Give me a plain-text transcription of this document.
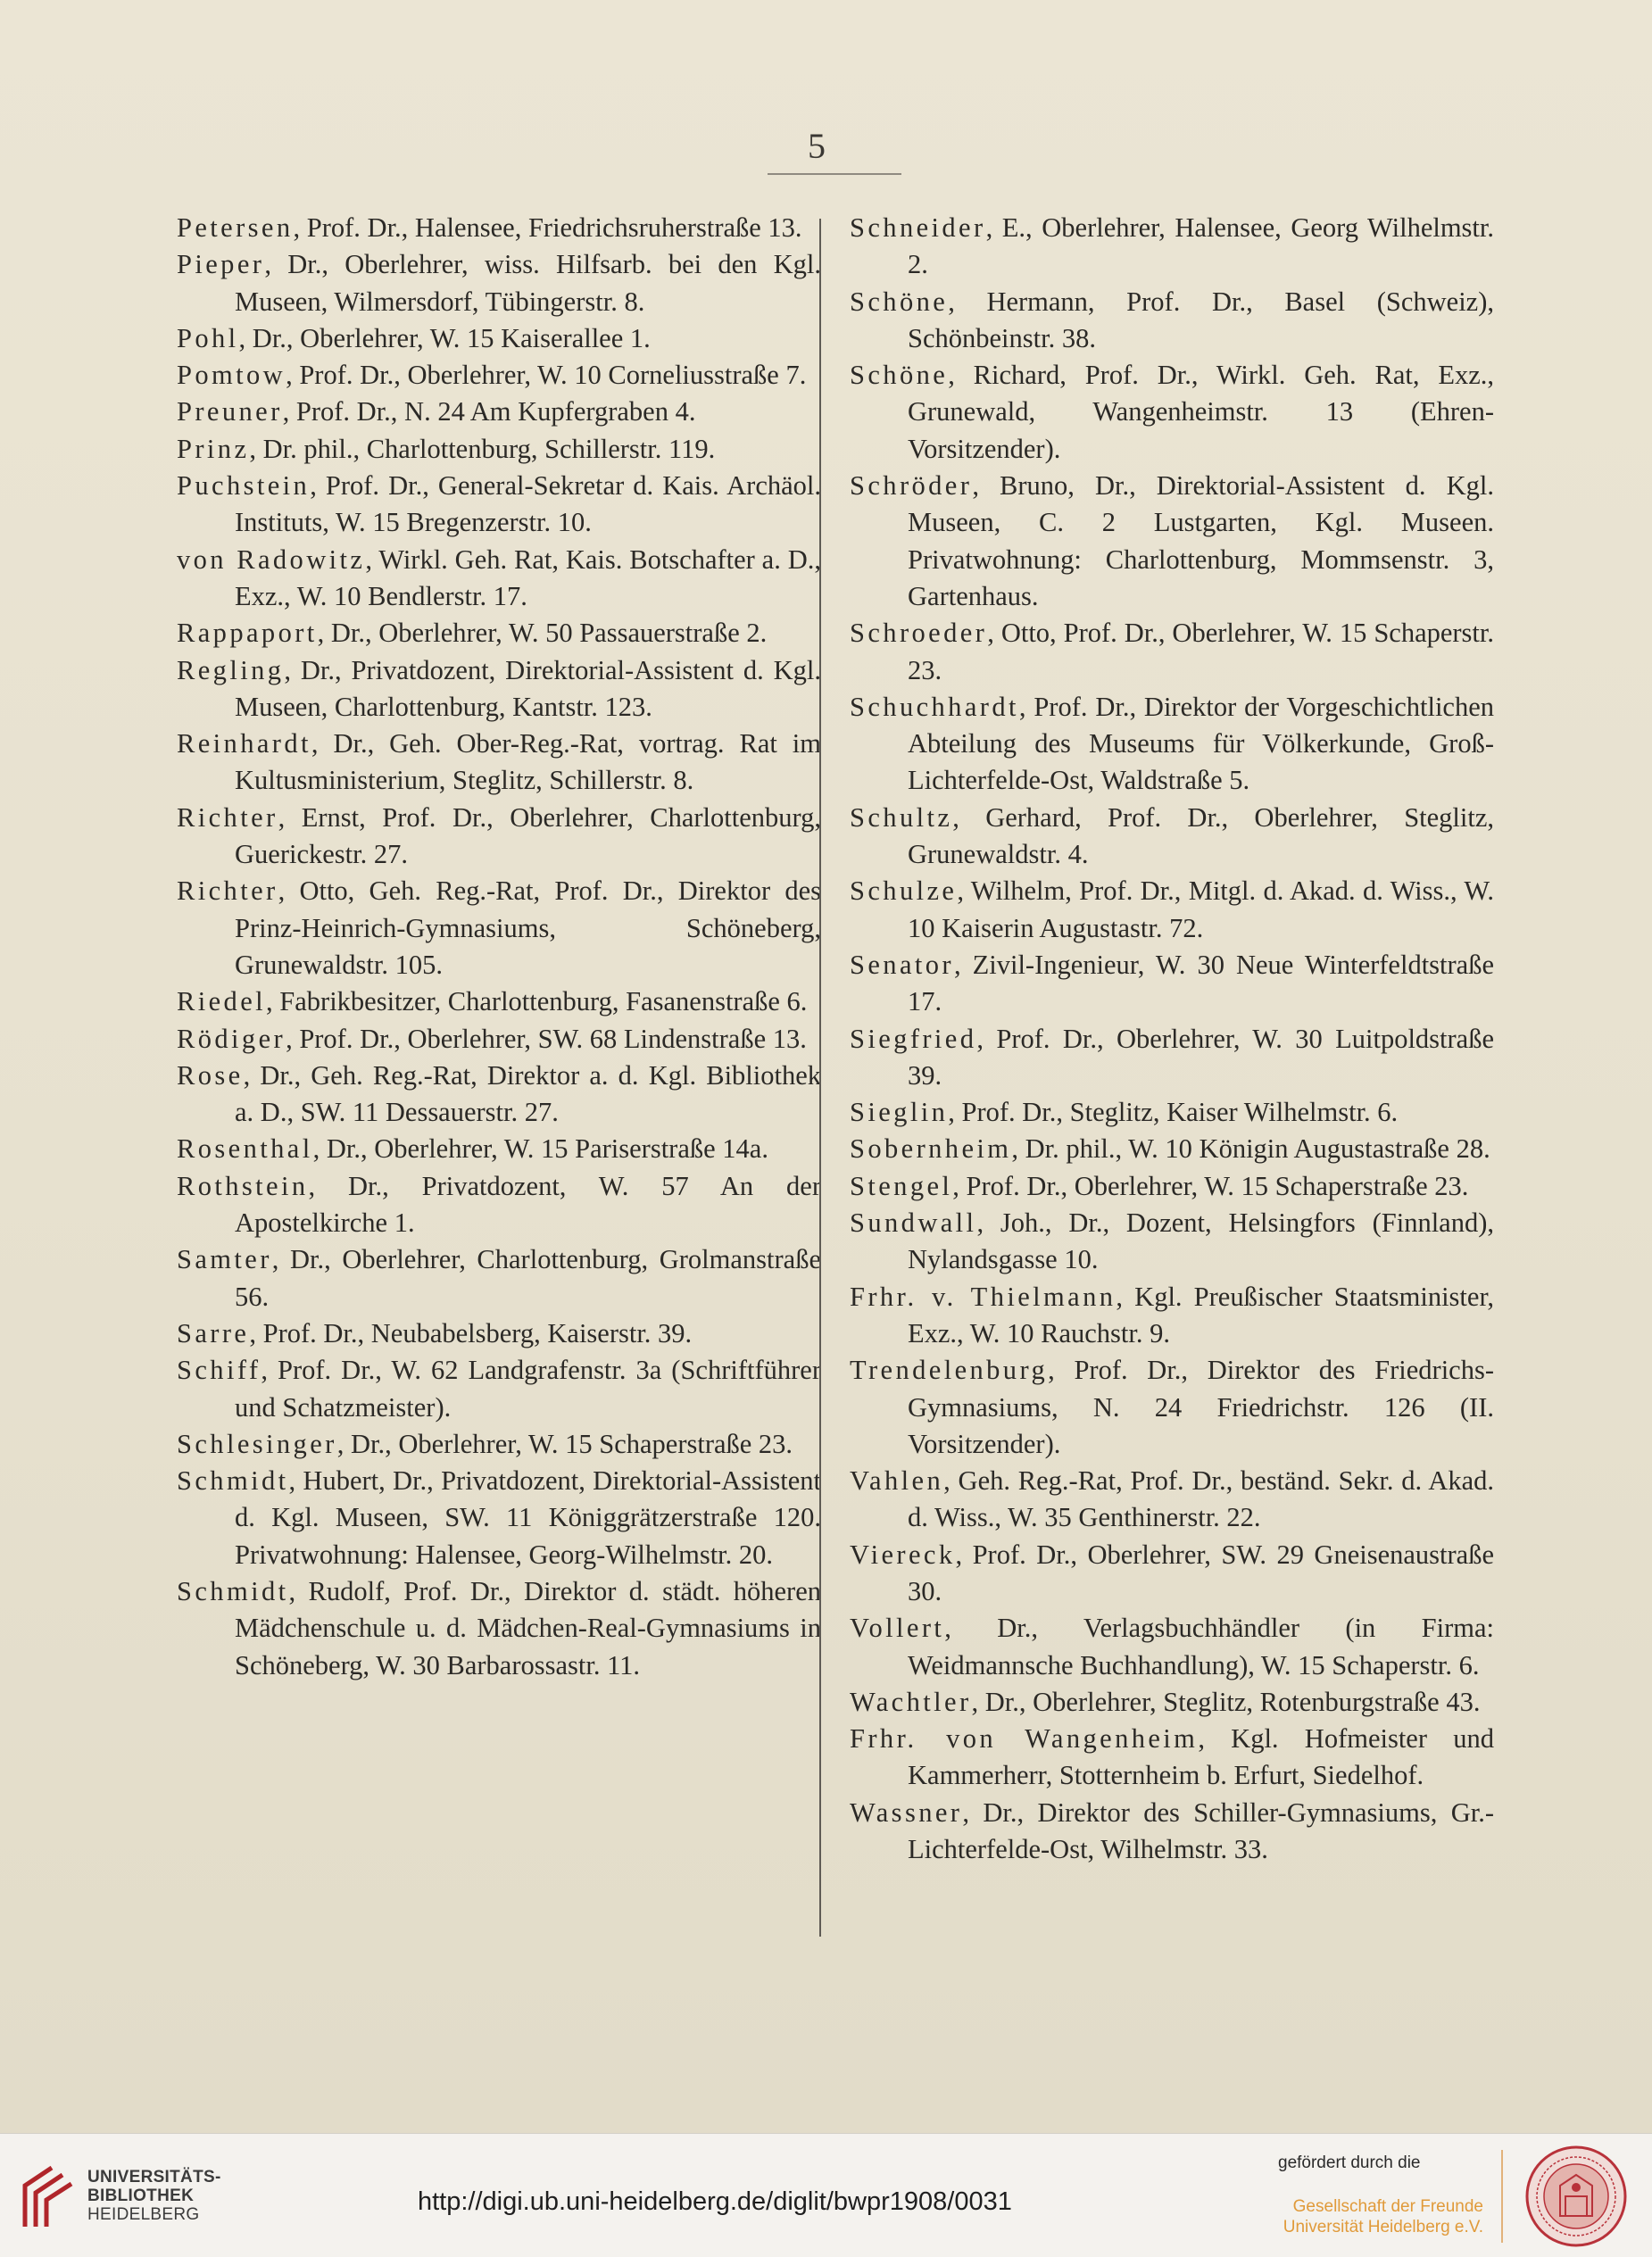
5
Petersen, Prof. Dr., Halensee, Friedrichsruherstraße 13.
Pieper, Dr., Oberlehrer, wiss. Hilfsarb. bei den Kgl. Museen, Wilmersdorf, Tübingerstr. 8.
Pohl, Dr., Oberlehrer, W. 15 Kaiserallee 1.
Pomtow, Prof. Dr., Oberlehrer, W. 10 Corneliusstraße 7.
Preuner, Prof. Dr., N. 24 Am Kupfergraben 4.
Prinz, Dr. phil., Charlottenburg, Schillerstr. 119.
Puchstein, Prof. Dr., General-Sekretar d. Kais. Archäol. Instituts, W. 15 Bregenzerstr. 10.
von Radowitz, Wirkl. Geh. Rat, Kais. Botschafter a. D., Exz., W. 10 Bendlerstr. 17.
Rappaport, Dr., Oberlehrer, W. 50 Passauerstraße 2.
Regling, Dr., Privatdozent, Direktorial-Assistent d. Kgl. Museen, Charlottenburg, Kantstr. 123.
Reinhardt, Dr., Geh. Ober-Reg.-Rat, vortrag. Rat im Kultusministerium, Steglitz, Schillerstr. 8.
Richter, Ernst, Prof. Dr., Oberlehrer, Charlottenburg, Guerickestr. 27.
Richter, Otto, Geh. Reg.-Rat, Prof. Dr., Direktor des Prinz-Heinrich-Gymnasiums, Schöneberg, Grunewaldstr. 105.
Riedel, Fabrikbesitzer, Charlottenburg, Fasanenstraße 6.
Rödiger, Prof. Dr., Oberlehrer, SW. 68 Lindenstraße 13.
Rose, Dr., Geh. Reg.-Rat, Direktor a. d. Kgl. Bibliothek a. D., SW. 11 Dessauerstr. 27.
Rosenthal, Dr., Oberlehrer, W. 15 Pariserstraße 14a.
Rothstein, Dr., Privatdozent, W. 57 An der Apostelkirche 1.
Samter, Dr., Oberlehrer, Charlottenburg, Grolmanstraße 56.
Sarre, Prof. Dr., Neubabelsberg, Kaiserstr. 39.
Schiff, Prof. Dr., W. 62 Landgrafenstr. 3a (Schriftführer und Schatzmeister).
Schlesinger, Dr., Oberlehrer, W. 15 Schaperstraße 23.
Schmidt, Hubert, Dr., Privatdozent, Direktorial-Assistent d. Kgl. Museen, SW. 11 Königgrätzerstraße 120. Privatwohnung: Halensee, Georg-Wilhelmstr. 20.
Schmidt, Rudolf, Prof. Dr., Direktor d. städt. höheren Mädchenschule u. d. Mädchen-Real-Gymnasiums in Schöneberg, W. 30 Barbarossastr. 11.
Schneider, E., Oberlehrer, Halensee, Georg Wilhelmstr. 2.
Schöne, Hermann, Prof. Dr., Basel (Schweiz), Schönbeinstr. 38.
Schöne, Richard, Prof. Dr., Wirkl. Geh. Rat, Exz., Grunewald, Wangenheimstr. 13 (Ehren-Vorsitzender).
Schröder, Bruno, Dr., Direktorial-Assistent d. Kgl. Museen, C. 2 Lustgarten, Kgl. Museen. Privatwohnung: Charlottenburg, Mommsenstr. 3, Gartenhaus.
Schroeder, Otto, Prof. Dr., Oberlehrer, W. 15 Schaperstr. 23.
Schuchhardt, Prof. Dr., Direktor der Vorgeschichtlichen Abteilung des Museums für Völkerkunde, Groß-Lichterfelde-Ost, Waldstraße 5.
Schultz, Gerhard, Prof. Dr., Oberlehrer, Steglitz, Grunewaldstr. 4.
Schulze, Wilhelm, Prof. Dr., Mitgl. d. Akad. d. Wiss., W. 10 Kaiserin Augustastr. 72.
Senator, Zivil-Ingenieur, W. 30 Neue Winterfeldtstraße 17.
Siegfried, Prof. Dr., Oberlehrer, W. 30 Luitpoldstraße 39.
Sieglin, Prof. Dr., Steglitz, Kaiser Wilhelmstr. 6.
Sobernheim, Dr. phil., W. 10 Königin Augustastraße 28.
Stengel, Prof. Dr., Oberlehrer, W. 15 Schaperstraße 23.
Sundwall, Joh., Dr., Dozent, Helsingfors (Finnland), Nylandsgasse 10.
Frhr. v. Thielmann, Kgl. Preußischer Staatsminister, Exz., W. 10 Rauchstr. 9.
Trendelenburg, Prof. Dr., Direktor des Friedrichs-Gymnasiums, N. 24 Friedrichstr. 126 (II. Vorsitzender).
Vahlen, Geh. Reg.-Rat, Prof. Dr., beständ. Sekr. d. Akad. d. Wiss., W. 35 Genthinerstr. 22.
Viereck, Prof. Dr., Oberlehrer, SW. 29 Gneisenaustraße 30.
Vollert, Dr., Verlagsbuchhändler (in Firma: Weidmannsche Buchhandlung), W. 15 Schaperstr. 6.
Wachtler, Dr., Oberlehrer, Steglitz, Rotenburgstraße 43.
Frhr. von Wangenheim, Kgl. Hofmeister und Kammerherr, Stotternheim b. Erfurt, Siedelhof.
Wassner, Dr., Direktor des Schiller-Gymnasiums, Gr.-Lichterfelde-Ost, Wilhelmstr. 33.
UNIVERSITÄTS-
BIBLIOTHEK
HEIDELBERG	http://digi.ub.uni-heidelberg.de/diglit/bwpr1908/0031
gefördert durch die
Gesellschaft der Freunde
Universität Heidelberg e.V.
